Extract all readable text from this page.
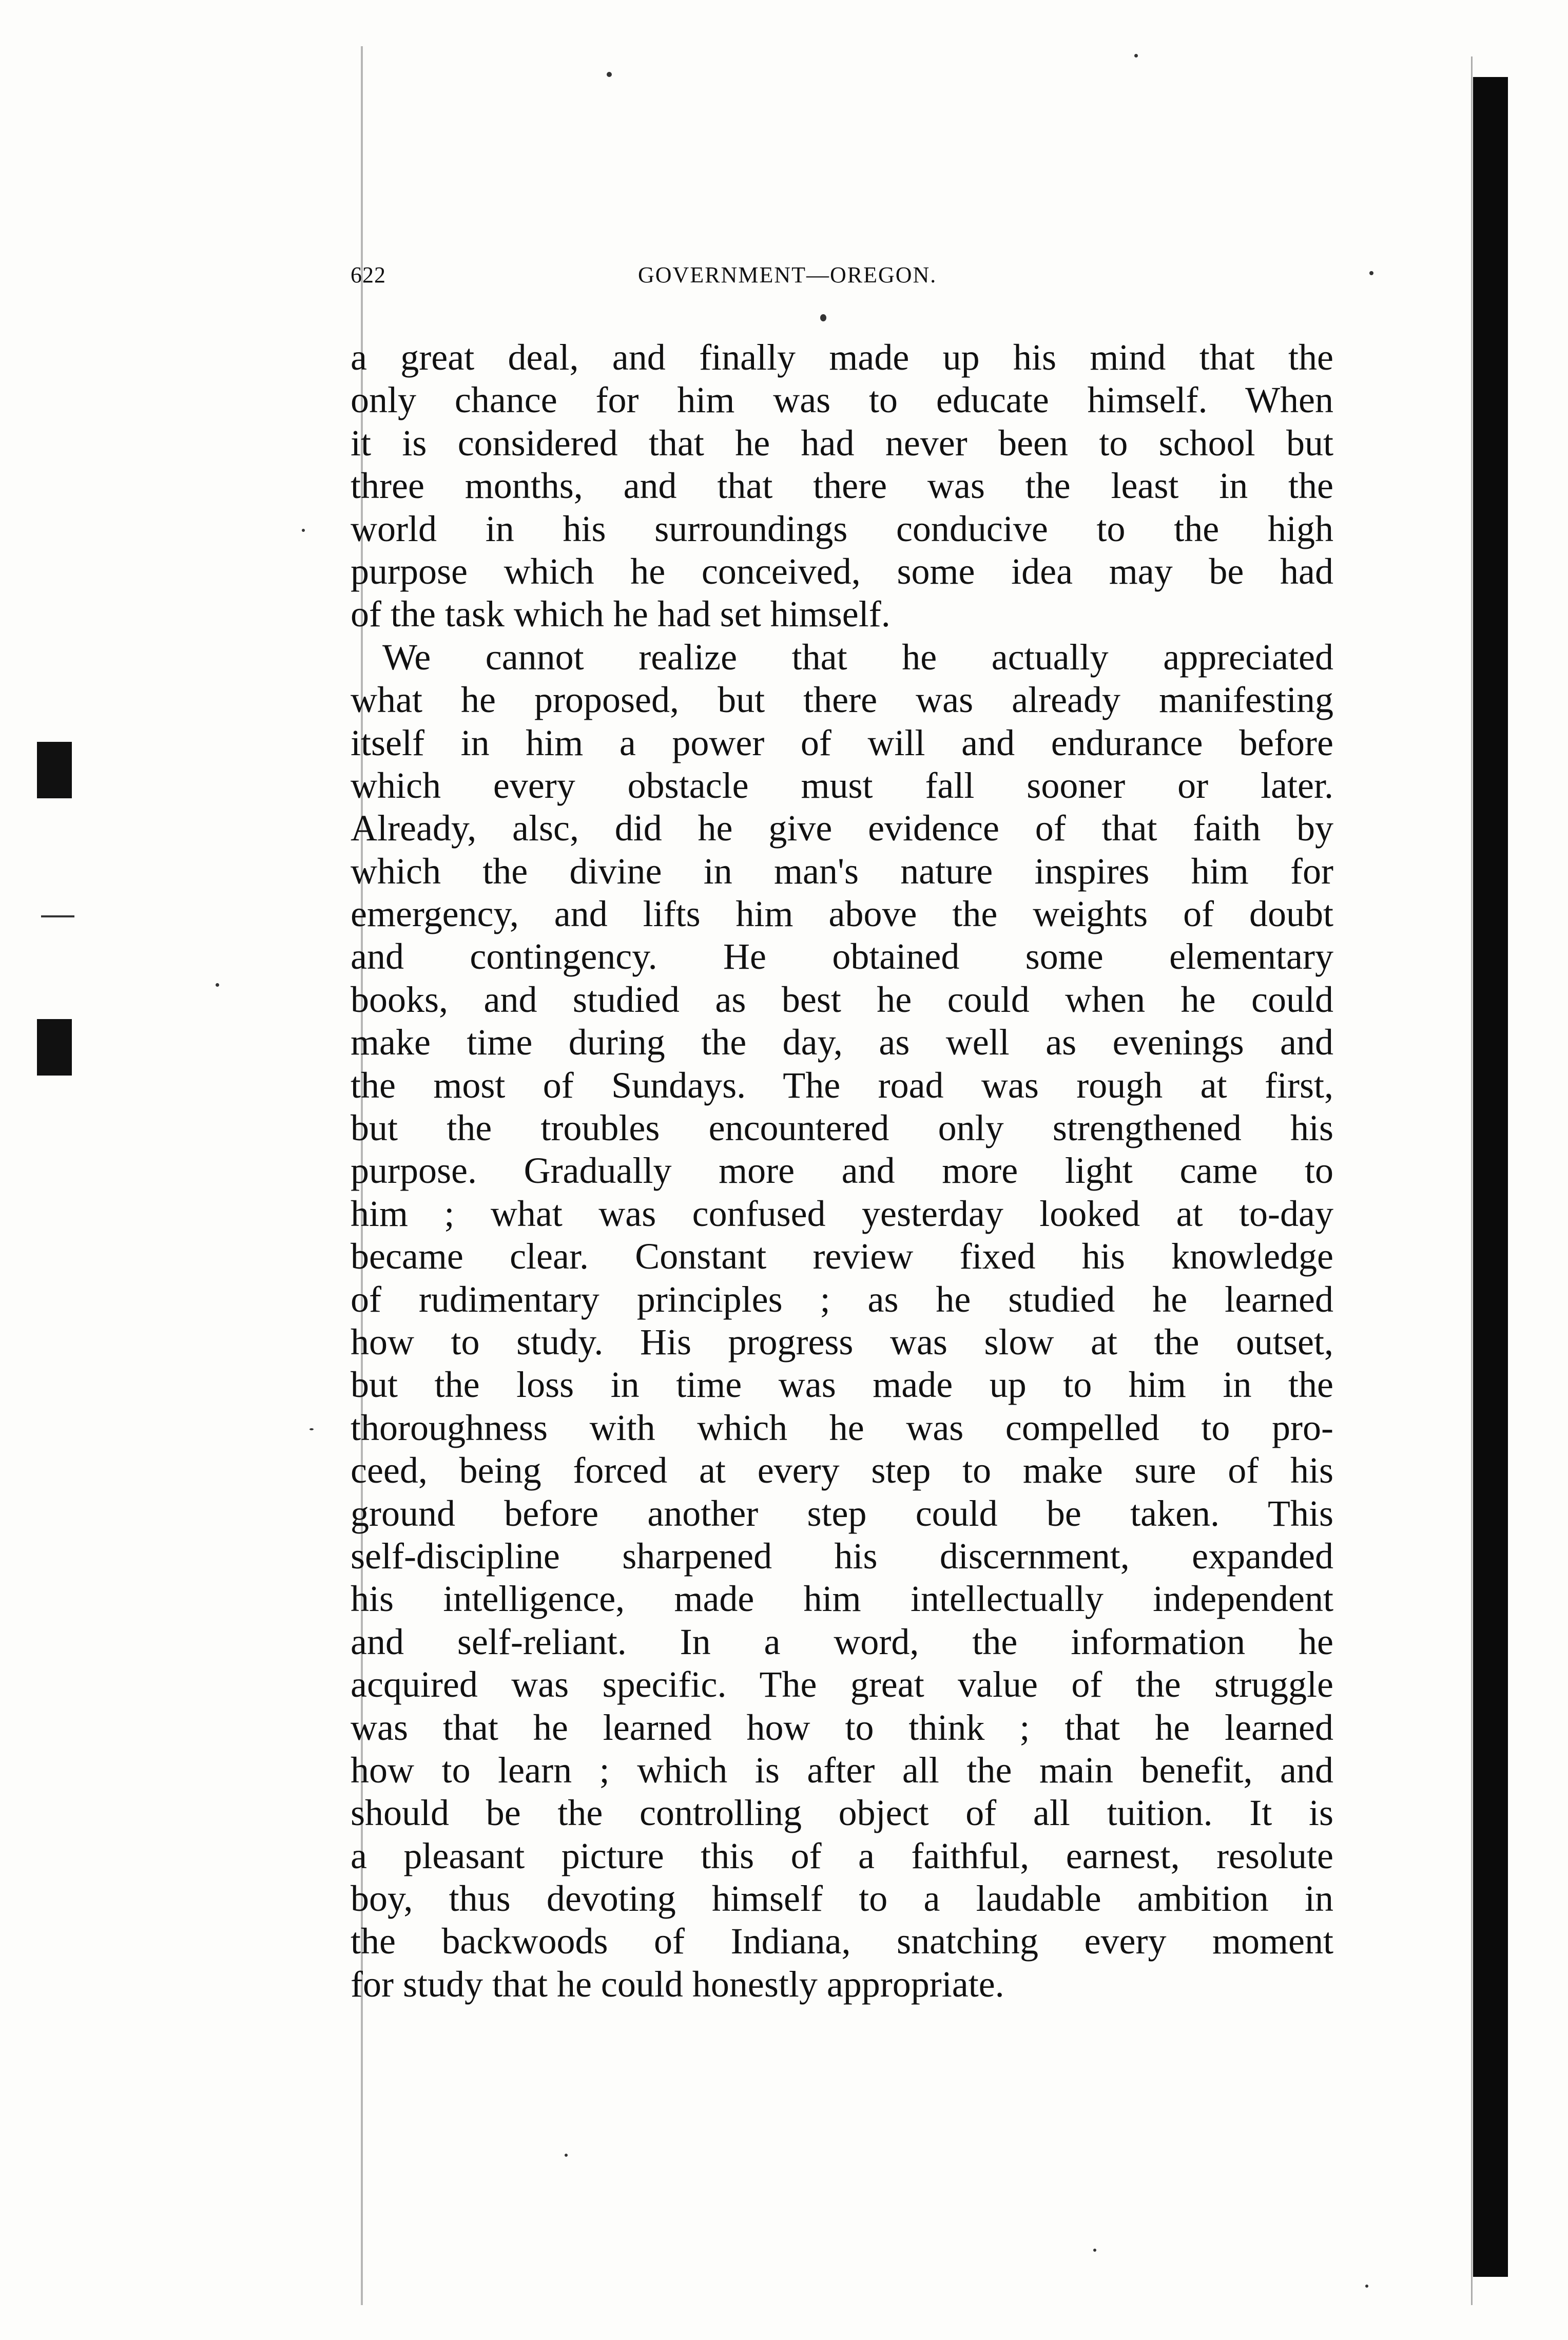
622	GOVERNMENT—OREGON.
a great deal, and finally made up his mind that the
only chance for him was to educate himself. When
it is considered that he had never been to school but
three months, and that there was the least in the
world in his surroundings conducive to the high
purpose which he conceived, some idea may be had
of the task which he had set himself.
We cannot realize that he actually appreciated
what he proposed, but there was already manifesting
itself in him a power of will and endurance before
which every obstacle must fall sooner or later.
Already, alsc, did he give evidence of that faith by
which the divine in man's nature inspires him for
emergency, and lifts him above the weights of doubt
and contingency. He obtained some elementary
books, and studied as best he could when he could
make time during the day, as well as evenings and
the most of Sundays. The road was rough at first,
but the troubles encountered only strengthened his
purpose. Gradually more and more light came to
him ; what was confused yesterday looked at to-day
became clear. Constant review fixed his knowledge
of rudimentary principles ; as he studied he learned
how to study. His progress was slow at the outset,
but the loss in time was made up to him in the
thoroughness with which he was compelled to pro-
ceed, being forced at every step to make sure of his
ground before another step could be taken. This
self-discipline sharpened his discernment, expanded
his intelligence, made him intellectually independent
and self-reliant. In a word, the information he
acquired was specific. The great value of the struggle
was that he learned how to think ; that he learned
how to learn ; which is after all the main benefit, and
should be the controlling object of all tuition. It is
a pleasant picture this of a faithful, earnest, resolute
boy, thus devoting himself to a laudable ambition in
the backwoods of Indiana, snatching every moment
for study that he could honestly appropriate.
